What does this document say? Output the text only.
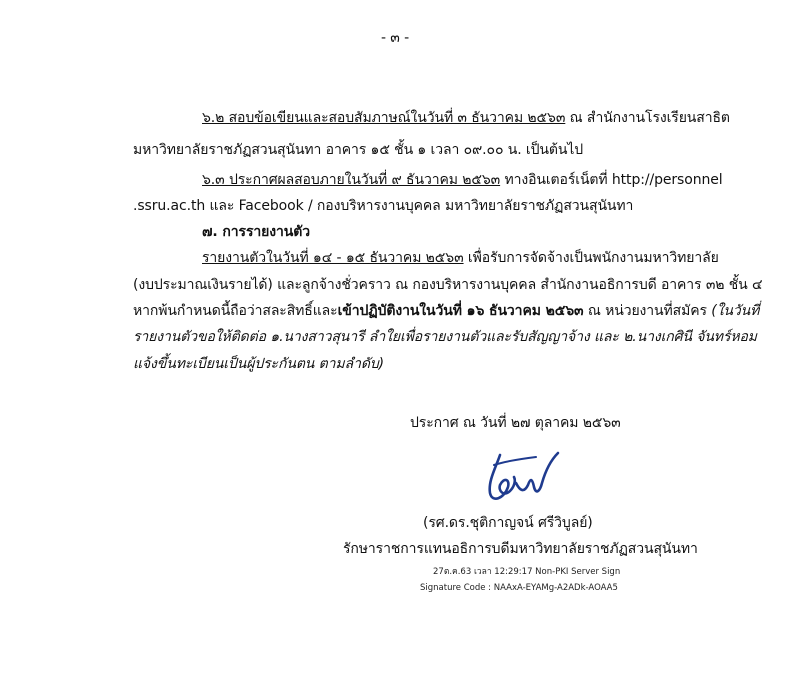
- ๓ -
๖.๒ สอบข้อเขียนและสอบสัมภาษณ์ในวันที่ ๓ ธันวาคม ๒๕๖๓ ณ สำนักงานโรงเรียนสาธิต
มหาวิทยาลัยราชภัฏสวนสุนันทา อาคาร ๑๕ ชั้น ๑ เวลา ๐๙.๐๐ น. เป็นต้นไป
๖.๓ ประกาศผลสอบภายในวันที่ ๙ ธันวาคม ๒๕๖๓ ทางอินเตอร์เน็ตที่ http://personnel
.ssru.ac.th และ Facebook / กองบริหารงานบุคคล มหาวิทยาลัยราชภัฏสวนสุนันทา
๗. การรายงานตัว
รายงานตัวในวันที่ ๑๔ - ๑๕ ธันวาคม ๒๕๖๓ เพื่อรับการจัดจ้างเป็นพนักงานมหาวิทยาลัย
(งบประมาณเงินรายได้) และลูกจ้างชั่วคราว ณ กองบริหารงานบุคคล สำนักงานอธิการบดี อาคาร ๓๒ ชั้น ๔
หากพ้นกำหนดนี้ถือว่าสละสิทธิ์และเข้าปฏิบัติงานในวันที่ ๑๖ ธันวาคม ๒๕๖๓ ณ หน่วยงานที่สมัคร (ในวันที่
รายงานตัวขอให้ติดต่อ ๑.นางสาวสุนารี ลำใยเพื่อรายงานตัวและรับสัญญาจ้าง และ ๒.นางเกศินี จันทร์หอม
แจ้งขึ้นทะเบียนเป็นผู้ประกันตน ตามลำดับ)
ประกาศ ณ วันที่ ๒๗ ตุลาคม ๒๕๖๓
(รศ.ดร.ชุติกาญจน์ ศรีวิบูลย์)
รักษาราชการแทนอธิการบดีมหาวิทยาลัยราชภัฏสวนสุนันทา
27ต.ค.63 เวลา 12:29:17 Non-PKI Server Sign
Signature Code : NAAxA-EYAMg-A2ADk-AOAA5
